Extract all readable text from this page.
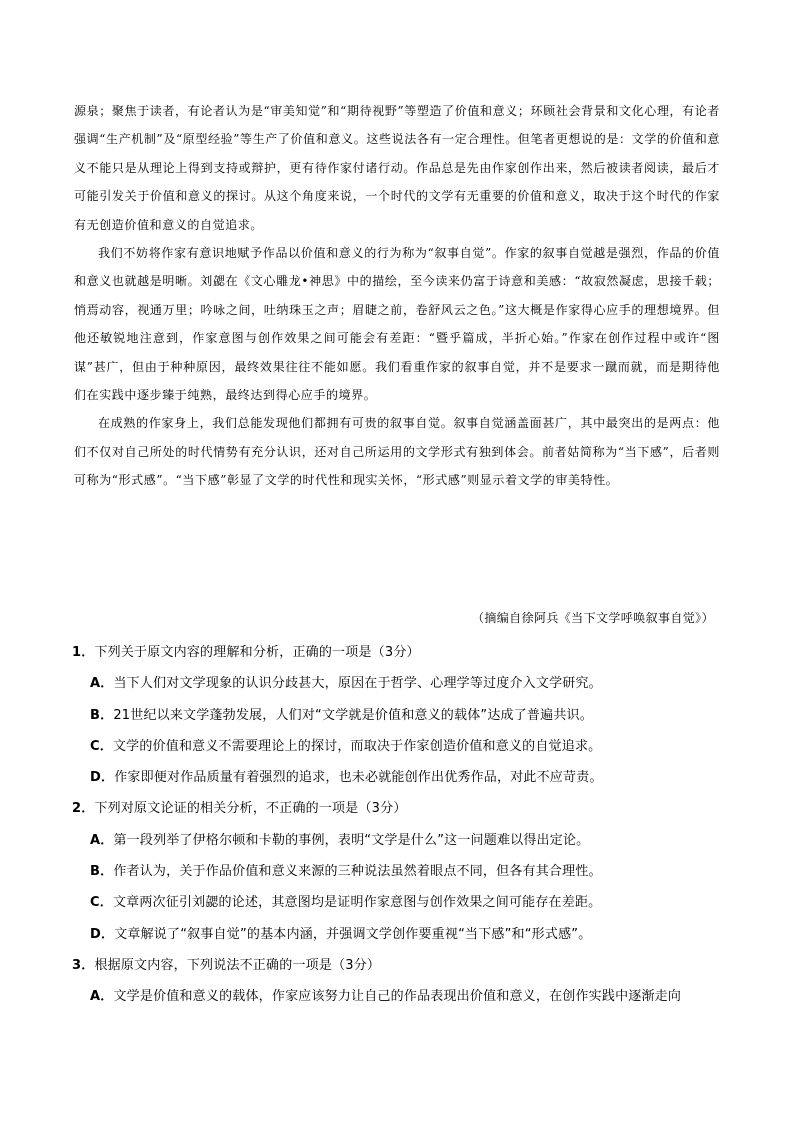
源泉；聚焦于读者，有论者认为是“审美知觉”和“期待视野”等塑造了价值和意义；环顾社会背景和文化心理，有论者强调“生产机制”及“原型经验”等生产了价值和意义。这些说法各有一定合理性。但笔者更想说的是：文学的价值和意义不能只是从理论上得到支持或辩护，更有待作家付诸行动。作品总是先由作家创作出来，然后被读者阅读，最后才可能引发关于价值和意义的探讨。从这个角度来说，一个时代的文学有无重要的价值和意义，取决于这个时代的作家有无创造价值和意义的自觉追求。

我们不妨将作家有意识地赋予作品以价值和意义的行为称为“叙事自觉”。作家的叙事自觉越是强烈，作品的价值和意义也就越是明晰。刘勰在《文心雕龙•神思》中的描绘，至今读来仍富于诗意和美感：“故寂然凝虑，思接千载；悄焉动容，视通万里；吟咏之间，吐纳珠玉之声；眉睫之前，卷舒风云之色。”这大概是作家得心应手的理想境界。但他还敏锐地注意到，作家意图与创作效果之间可能会有差距：“暨乎篇成，半折心始。”作家在创作过程中或许“图谋”甚广，但由于种种原因，最终效果往往不能如愿。我们看重作家的叙事自觉，并不是要求一蹴而就，而是期待他们在实践中逐步臻于纯熟，最终达到得心应手的境界。

在成熟的作家身上，我们总能发现他们都拥有可贵的叙事自觉。叙事自觉涵盖面甚广，其中最突出的是两点：他们不仅对自己所处的时代情势有充分认识，还对自己所运用的文学形式有独到体会。前者姑简称为“当下感”，后者则可称为“形式感”。“当下感”彰显了文学的时代性和现实关怀，“形式感”则显示着文学的审美特性。

（摘编自徐阿兵《当下文学呼唤叙事自觉》）
1．下列关于原文内容的理解和分析，正确的一项是（3分）
A．当下人们对文学现象的认识分歧甚大，原因在于哲学、心理学等过度介入文学研究。
B．21世纪以来文学蓬勃发展，人们对“文学就是价值和意义的载体”达成了普遍共识。
C．文学的价值和意义不需要理论上的探讨，而取决于作家创造价值和意义的自觉追求。
D．作家即便对作品质量有着强烈的追求，也未必就能创作出优秀作品，对此不应苛责。
2．下列对原文论证的相关分析，不正确的一项是（3分）
A．第一段列举了伊格尔顿和卡勒的事例，表明“文学是什么”这一问题难以得出定论。
B．作者认为，关于作品价值和意义来源的三种说法虽然着眼点不同，但各有其合理性。
C．文章两次征引刘勰的论述，其意图均是证明作家意图与创作效果之间可能存在差距。
D．文章解说了“叙事自觉”的基本内涵，并强调文学创作要重视“当下感”和“形式感”。
3．根据原文内容，下列说法不正确的一项是（3分）
A．文学是价值和意义的载体，作家应该努力让自己的作品表现出价值和意义，在创作实践中逐渐走向
